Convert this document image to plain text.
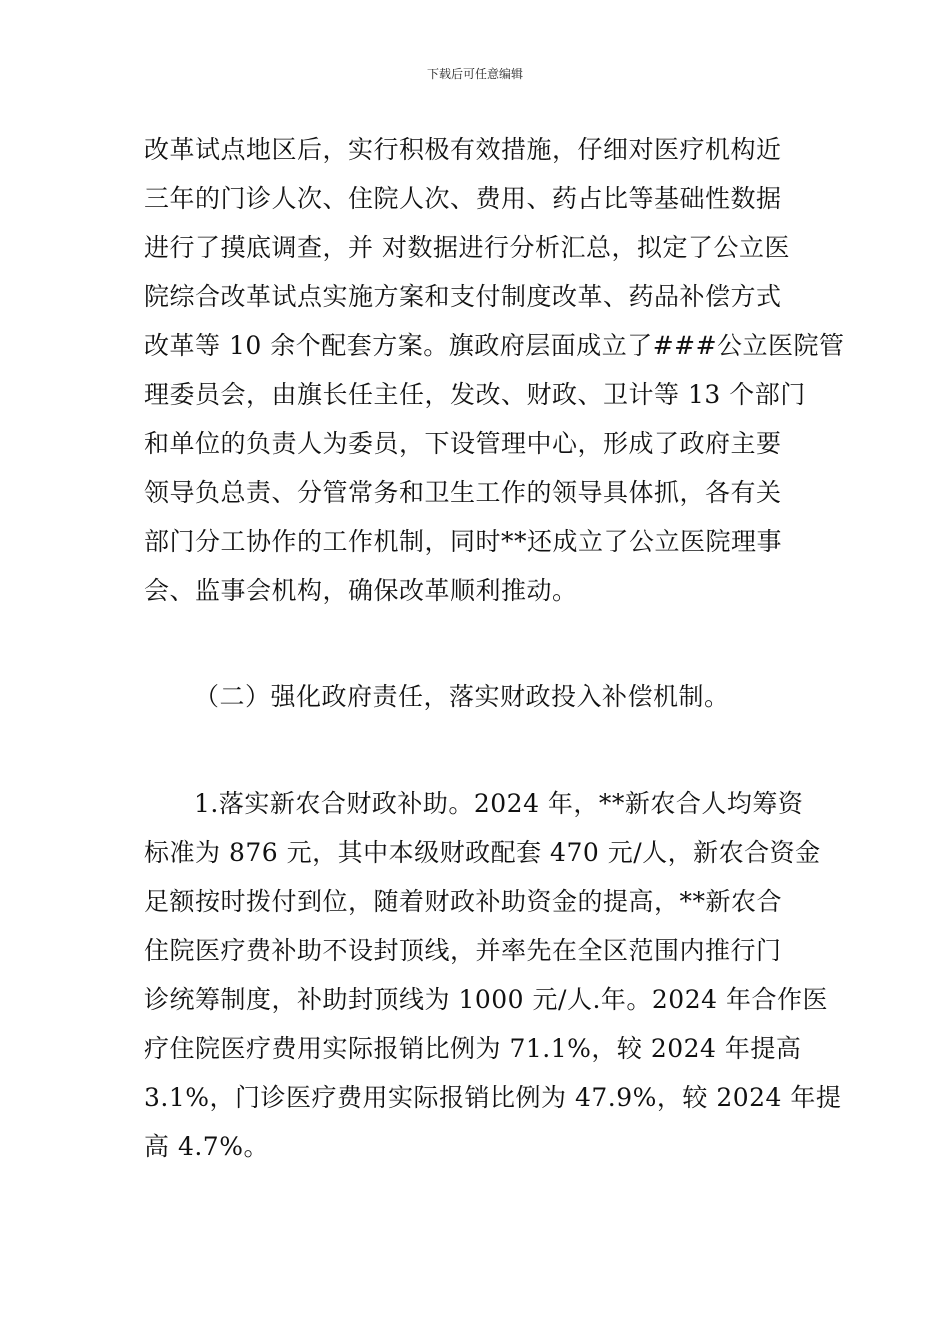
下载后可任意编辑
改革试点地区后，实行积极有效措施，仔细对医疗机构近
三年的门诊人次、住院人次、费用、药占比等基础性数据
进行了摸底调查，并 对数据进行分析汇总，拟定了公立医
院综合改革试点实施方案和支付制度改革、药品补偿方式
改革等 10 余个配套方案。旗政府层面成立了###公立医院管
理委员会，由旗长任主任，发改、财政、卫计等 13 个部门
和单位的负责人为委员，下设管理中心，形成了政府主要
领导负总责、分管常务和卫生工作的领导具体抓，各有关
部门分工协作的工作机制，同时**还成立了公立医院理事
会、监事会机构，确保改革顺利推动。
（二）强化政府责任，落实财政投入补偿机制。
1.落实新农合财政补助。2024 年，**新农合人均筹资
标准为 876 元，其中本级财政配套 470 元/人，新农合资金
足额按时拨付到位，随着财政补助资金的提高，**新农合
住院医疗费补助不设封顶线，并率先在全区范围内推行门
诊统筹制度，补助封顶线为 1000 元/人.年。2024 年合作医
疗住院医疗费用实际报销比例为 71.1%，较 2024 年提高
3.1%，门诊医疗费用实际报销比例为 47.9%，较 2024 年提
高 4.7%。
